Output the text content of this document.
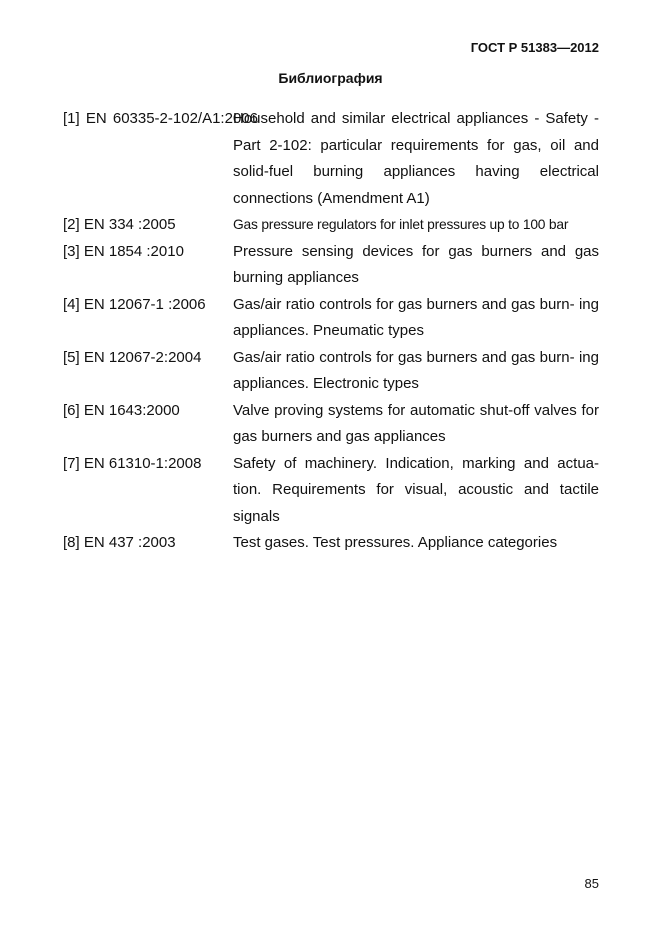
ГОСТ Р 51383—2012
Библиография
[1] EN 60335-2-102/A1:2006
Household and similar electrical appliances - Safety - Part 2-102: particular requirements for gas, oil and solid-fuel burning appliances having electrical connections (Amendment A1)
[2] EN 334 :2005	Gas pressure regulators for inlet pressures up to 100 bar
[3] EN 1854 :2010	Pressure sensing devices for gas burners and gas burning appliances
[4] EN 12067-1 :2006 Gas/air ratio controls for gas burners and gas burn- ing appliances. Pneumatic types
[5] EN 12067-2:2004 Gas/air ratio controls for gas burners and gas burn- ing appliances. Electronic types
[6] EN 1643:2000	Valve proving systems for automatic shut-off valves for gas burners and gas appliances
[7] EN 61310-1:2008 Safety of machinery. Indication, marking and actua- tion. Requirements for visual, acoustic and tactile signals
[8] EN 437 :2003	Test gases. Test pressures. Appliance categories
85
